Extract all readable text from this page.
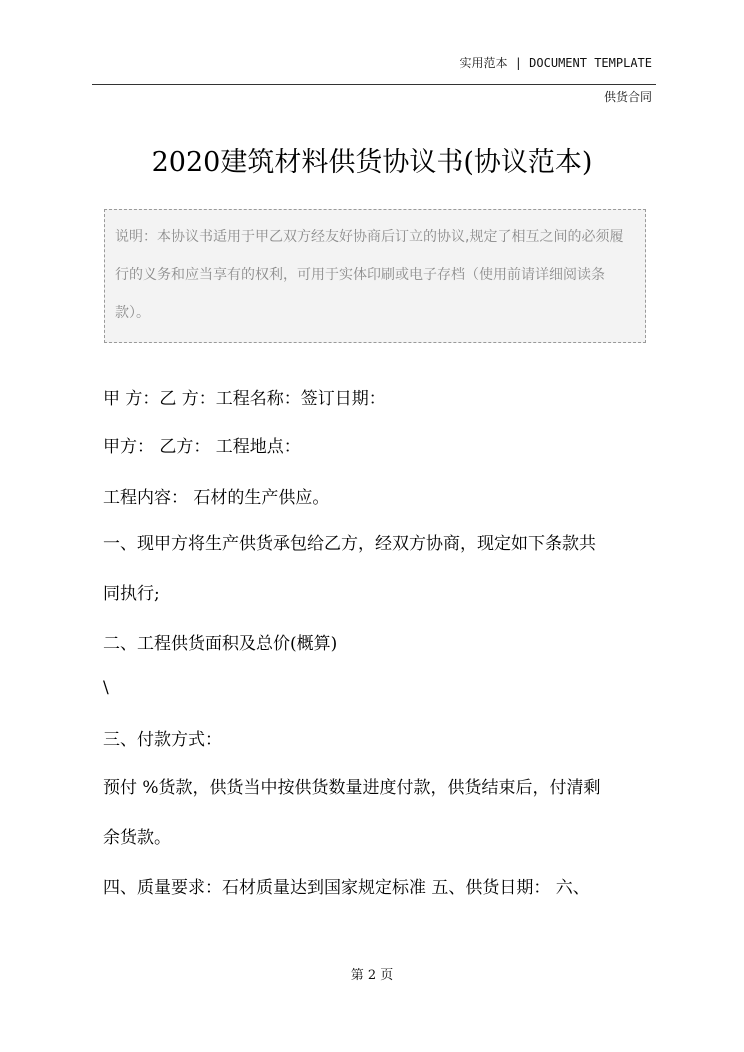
实用范本 | DOCUMENT TEMPLATE
供货合同
2020建筑材料供货协议书(协议范本)
说明：本协议书适用于甲乙双方经友好协商后订立的协议,规定了相互之间的必须履行的义务和应当享有的权利，可用于实体印刷或电子存档（使用前请详细阅读条款）。
甲 方：乙 方：工程名称：签订日期：
甲方： 乙方： 工程地点：
工程内容： 石材的生产供应。
一、现甲方将生产供货承包给乙方，经双方协商，现定如下条款共
同执行;
二、工程供货面积及总价(概算)
\
三、付款方式：
预付 %货款，供货当中按供货数量进度付款，供货结束后，付清剩
余货款。
四、质量要求：石材质量达到国家规定标准 五、供货日期： 六、
第 2 页
